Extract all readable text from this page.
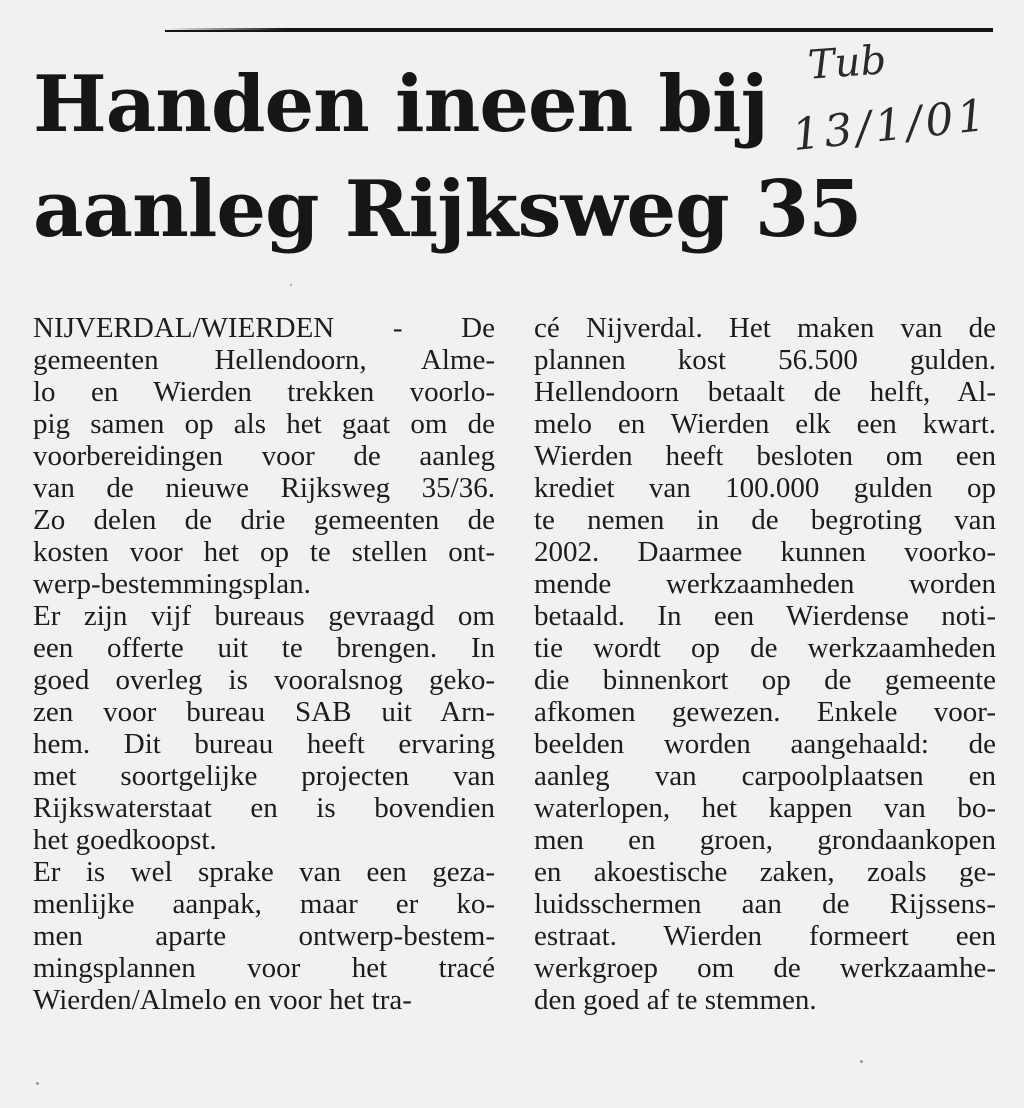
Handen ineen bij
aanleg Rijksweg 35
Tub
13/1/01
NIJVERDAL/WIERDEN - De
gemeenten Hellendoorn, Alme-
lo en Wierden trekken voorlo-
pig samen op als het gaat om de
voorbereidingen voor de aanleg
van de nieuwe Rijksweg 35/36.
Zo delen de drie gemeenten de
kosten voor het op te stellen ont-
werp-bestemmingsplan.
Er zijn vijf bureaus gevraagd om
een offerte uit te brengen. In
goed overleg is vooralsnog geko-
zen voor bureau SAB uit Arn-
hem. Dit bureau heeft ervaring
met soortgelijke projecten van
Rijkswaterstaat en is bovendien
het goedkoopst.
Er is wel sprake van een geza-
menlijke aanpak, maar er ko-
men aparte ontwerp-bestem-
mingsplannen voor het tracé
Wierden/Almelo en voor het tra-
cé Nijverdal. Het maken van de
plannen kost 56.500 gulden.
Hellendoorn betaalt de helft, Al-
melo en Wierden elk een kwart.
Wierden heeft besloten om een
krediet van 100.000 gulden op
te nemen in de begroting van
2002. Daarmee kunnen voorko-
mende werkzaamheden worden
betaald. In een Wierdense noti-
tie wordt op de werkzaamheden
die binnenkort op de gemeente
afkomen gewezen. Enkele voor-
beelden worden aangehaald: de
aanleg van carpoolplaatsen en
waterlopen, het kappen van bo-
men en groen, grondaankopen
en akoestische zaken, zoals ge-
luidsschermen aan de Rijssens-
estraat. Wierden formeert een
werkgroep om de werkzaamhe-
den goed af te stemmen.
